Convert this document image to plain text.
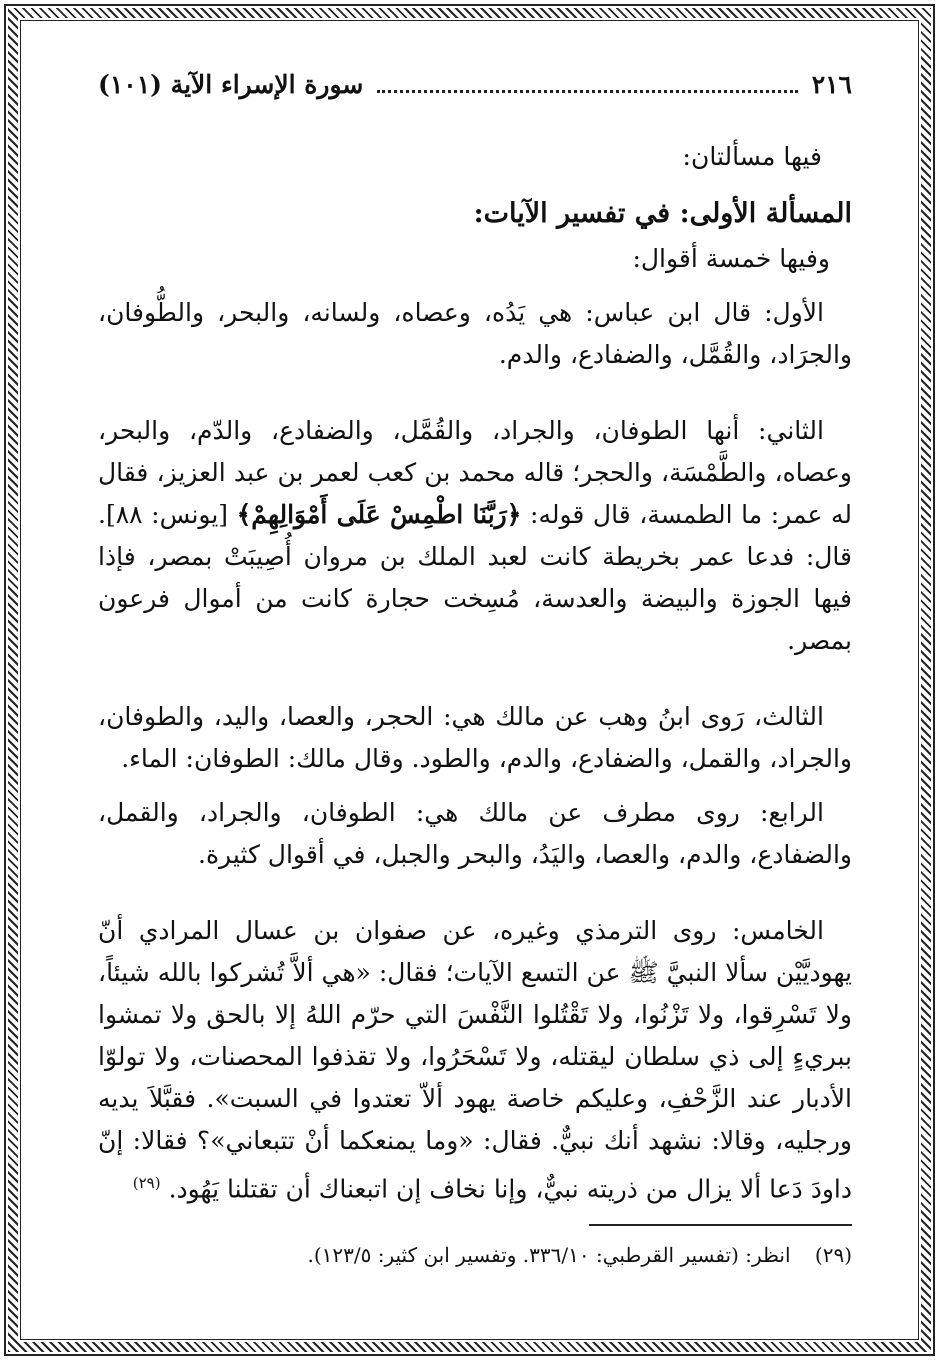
سورة الإسراء الآية (١٠١)	٢١٦

فيها مسألتان:

المسألة الأولى: في تفسير الآيات:

وفيها خمسة أقوال:

الأول: قال ابن عباس: هي يَدُه، وعصاه، ولسانه، والبحر، والطُّوفان، والجرَاد، والقُمَّل، والضفادع، والدم.

الثاني: أنها الطوفان، والجراد، والقُمَّل، والضفادع، والدّم، والبحر، وعصاه، والطَّمْسَة، والحجر؛ قاله محمد بن كعب لعمر بن عبد العزيز، فقال له عمر: ما الطمسة، قال قوله: ﴿رَبَّنَا اطْمِسْ عَلَى أَمْوَالِهِمْ﴾ [يونس: ٨٨]. قال: فدعا عمر بخريطة كانت لعبد الملك بن مروان أُصِيبَتْ بمصر، فإذا فيها الجوزة والبيضة والعدسة، مُسِخت حجارة كانت من أموال فرعون بمصر.

الثالث، رَوى ابنُ وهب عن مالك هي: الحجر، والعصا، واليد، والطوفان، والجراد، والقمل، والضفادع، والدم، والطود. وقال مالك: الطوفان: الماء.

الرابع: روى مطرف عن مالك هي: الطوفان، والجراد، والقمل، والضفادع، والدم، والعصا، واليَدُ، والبحر والجبل، في أقوال كثيرة.

الخامس: روى الترمذي وغيره، عن صفوان بن عسال المرادي أنّ يهوديَّيْن سألا النبيَّ ﷺ عن التسع الآيات؛ فقال: «هي ألاَّ تُشركوا بالله شيئاً، ولا تَسْرِقوا، ولا تَزْنُوا، ولا تَقْتُلوا النَّفْسَ التي حرّم اللهُ إلا بالحق ولا تمشوا ببريءٍ إلى ذي سلطان ليقتله، ولا تَسْحَرُوا، ولا تقذفوا المحصنات، ولا تولوّا الأدبار عند الزَّحْفِ، وعليكم خاصة يهود ألاّ تعتدوا في السبت». فقبَّلاَ يديه ورجليه، وقالا: نشهد أنك نبيٌّ. فقال: «وما يمنعكما أنْ تتبعاني»؟ فقالا: إنّ داودَ دَعا ألا يزال من ذريته نبيٌّ، وإنا نخاف إن اتبعناك أن تقتلنا يَهُود. $^{(٢٩)}$

(٢٩) انظر: (تفسير القرطبي: ٣٣٦/١٠. وتفسير ابن كثير: ١٢٣/٥).
